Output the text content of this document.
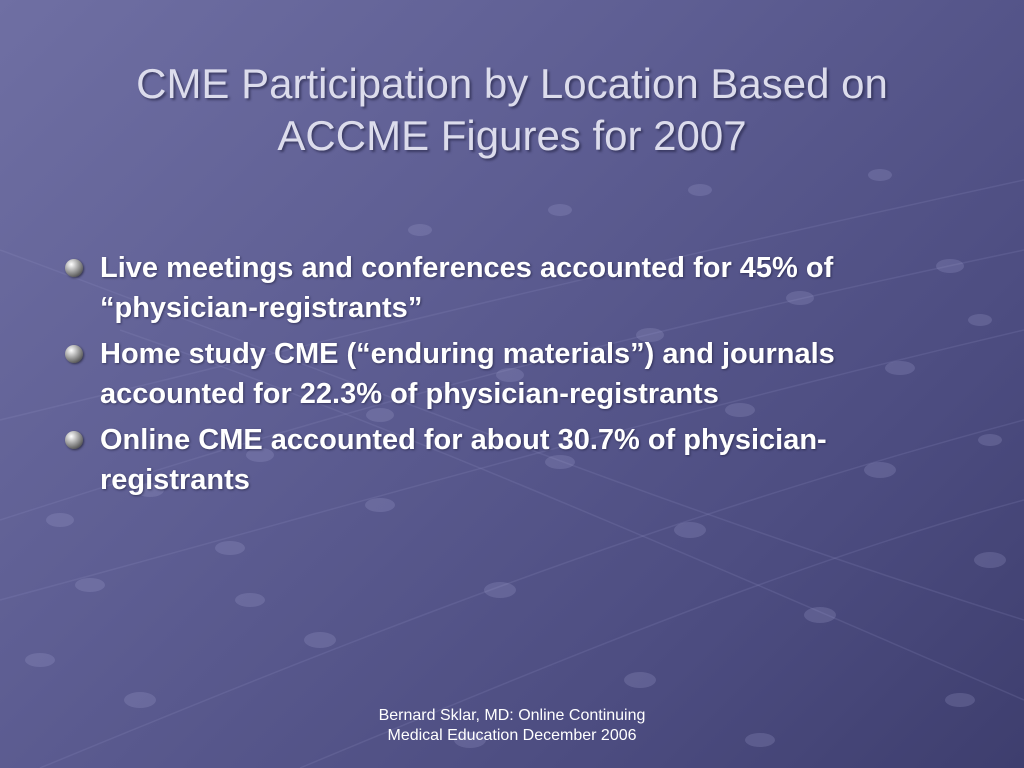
CME Participation by Location Based on
ACCME Figures for 2007
Live meetings and conferences accounted for 45% of “physician-registrants”
Home study CME (“enduring materials”) and journals accounted for 22.3% of physician-registrants
Online CME accounted for about 30.7% of physician-registrants
Bernard Sklar, MD: Online Continuing
Medical Education December 2006
